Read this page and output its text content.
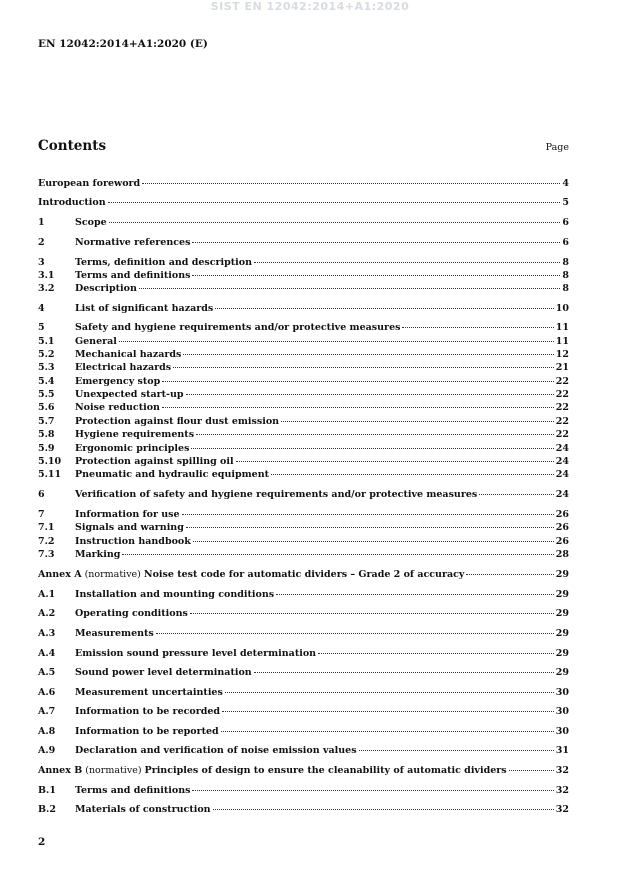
SIST EN 12042:2014+A1:2020
EN 12042:2014+A1:2020 (E)
Contents	Page
European foreword	4
Introduction	5
1	Scope	6
2	Normative references	6
3	Terms, definition and description	8
3.1	Terms and definitions	8
3.2	Description	8
4	List of significant hazards	10
5	Safety and hygiene requirements and/or protective measures	11
5.1	General	11
5.2	Mechanical hazards	12
5.3	Electrical hazards	21
5.4	Emergency stop	22
5.5	Unexpected start-up	22
5.6	Noise reduction	22
5.7	Protection against flour dust emission	22
5.8	Hygiene requirements	22
5.9	Ergonomic principles	24
5.10	Protection against spilling oil	24
5.11	Pneumatic and hydraulic equipment	24
6	Verification of safety and hygiene requirements and/or protective measures	24
7	Information for use	26
7.1	Signals and warning	26
7.2	Instruction handbook	26
7.3	Marking	28
Annex A (normative) Noise test code for automatic dividers – Grade 2 of accuracy	29
A.1	Installation and mounting conditions	29
A.2	Operating conditions	29
A.3	Measurements	29
A.4	Emission sound pressure level determination	29
A.5	Sound power level determination	29
A.6	Measurement uncertainties	30
A.7	Information to be recorded	30
A.8	Information to be reported	30
A.9	Declaration and verification of noise emission values	31
Annex B (normative) Principles of design to ensure the cleanability of automatic dividers	32
B.1	Terms and definitions	32
B.2	Materials of construction	32
2
